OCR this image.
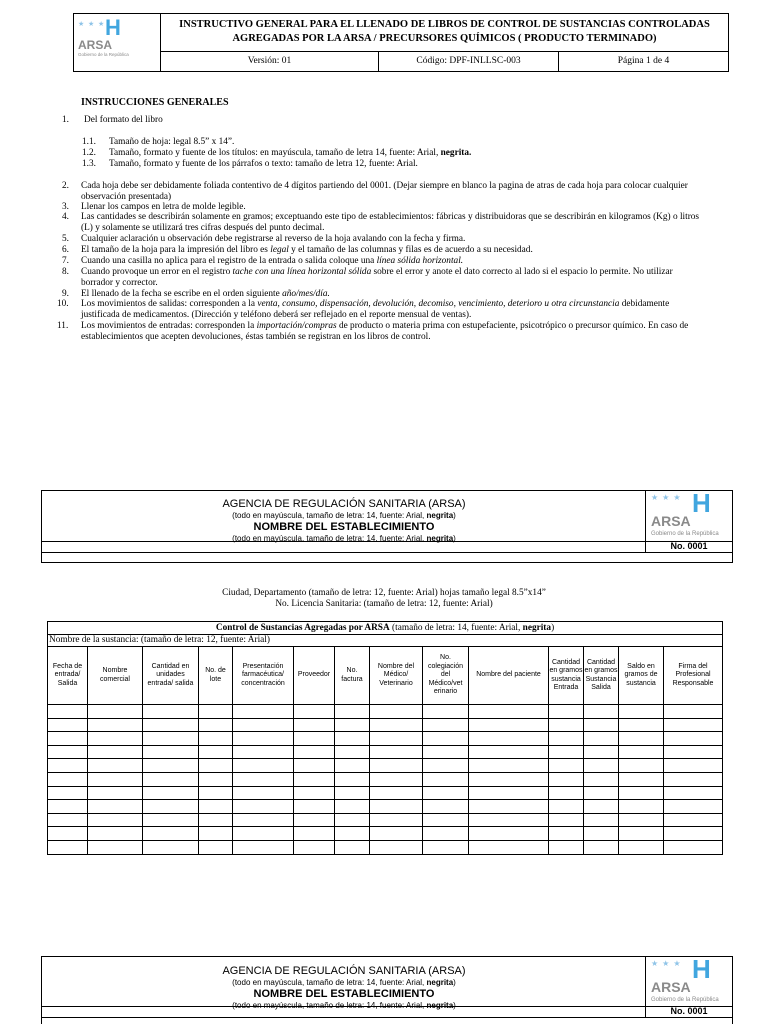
★ ★ ★ H
ARSA
Gobierno de la República
INSTRUCTIVO GENERAL PARA EL LLENADO DE LIBROS DE CONTROL DE SUSTANCIAS CONTROLADAS
AGREGADAS POR LA ARSA / PRECURSORES QUÍMICOS ( PRODUCTO TERMINADO)
Versión: 01	Código: DPF-INLLSC-003	Página 1 de 4
INSTRUCCIONES GENERALES
1. Del formato del libro
1.1. Tamaño de hoja: legal 8.5” x 14”.
1.2. Tamaño, formato y fuente de los títulos: en mayúscula, tamaño de letra 14, fuente: Arial, negrita.
1.3. Tamaño, formato y fuente de los párrafos o texto: tamaño de letra 12, fuente: Arial.
2. Cada hoja debe ser debidamente foliada contentivo de 4 dígitos partiendo del 0001. (Dejar siempre en blanco la pagina de atras de cada hoja para colocar cualquier
observación presentada)
3. Llenar los campos en letra de molde legible.
4. Las cantidades se describirán solamente en gramos; exceptuando este tipo de establecimientos: fábricas y distribuidoras que se describirán en kilogramos (Kg) o litros
(L) y solamente se utilizará tres cifras después del punto decimal.
5. Cualquier aclaración u observación debe registrarse al reverso de la hoja avalando con la fecha y firma.
6. El tamaño de la hoja para la impresión del libro es legal y el tamaño de las columnas y filas es de acuerdo a su necesidad.
7. Cuando una casilla no aplica para el registro de la entrada o salida coloque una línea sólida horizontal.
8. Cuando provoque un error en el registro tache con una línea horizontal sólida sobre el error y anote el dato correcto al lado si el espacio lo permite. No utilizar
borrador y corrector.
9. El llenado de la fecha se escribe en el orden siguiente año/mes/día.
10. Los movimientos de salidas: corresponden a la venta, consumo, dispensación, devolución, decomiso, vencimiento, deterioro u otra circunstancia debidamente
justificada de medicamentos. (Dirección y teléfono deberá ser reflejado en el reporte mensual de ventas).
11. Los movimientos de entradas: corresponden la importación/compras de producto o materia prima con estupefaciente, psicotrópico o precursor químico. En caso de
establecimientos que acepten devoluciones, éstas también se registran en los libros de control.
AGENCIA DE REGULACIÓN SANITARIA (ARSA)
(todo en mayúscula, tamaño de letra: 14, fuente: Arial, negrita)
NOMBRE DEL ESTABLECIMIENTO
(todo en mayúscula, tamaño de letra: 14, fuente: Arial, negrita)
★ ★ ★ H
ARSA
Gobierno de la República
No. 0001
Ciudad, Departamento (tamaño de letra: 12, fuente: Arial) hojas tamaño legal 8.5”x14”
No. Licencia Sanitaria: (tamaño de letra: 12, fuente: Arial)
Control de Sustancias Agregadas por ARSA (tamaño de letra: 14, fuente: Arial, negrita)													
Nombre de la sustancia: (tamaño de letra: 12, fuente: Arial)													
Fecha de entrada/ Salida	Nombre comercial	Cantidad en unidades entrada/ salida	No. de lote	Presentación farmacéutica/ concentración	Proveedor	No. factura	Nombre del Médico/ Veterinario	No. colegiación del Médico/vet erinario	Nombre del paciente	Cantidad en gramos sustancia Entrada	Cantidad en gramos Sustancia Salida	Saldo en gramos de sustancia	Firma del Profesional Responsable

AGENCIA DE REGULACIÓN SANITARIA (ARSA)
(todo en mayúscula, tamaño de letra: 14, fuente: Arial, negrita)
NOMBRE DEL ESTABLECIMIENTO
(todo en mayúscula, tamaño de letra: 14, fuente: Arial, negrita)
★ ★ ★ H
ARSA
Gobierno de la República
No. 0001
